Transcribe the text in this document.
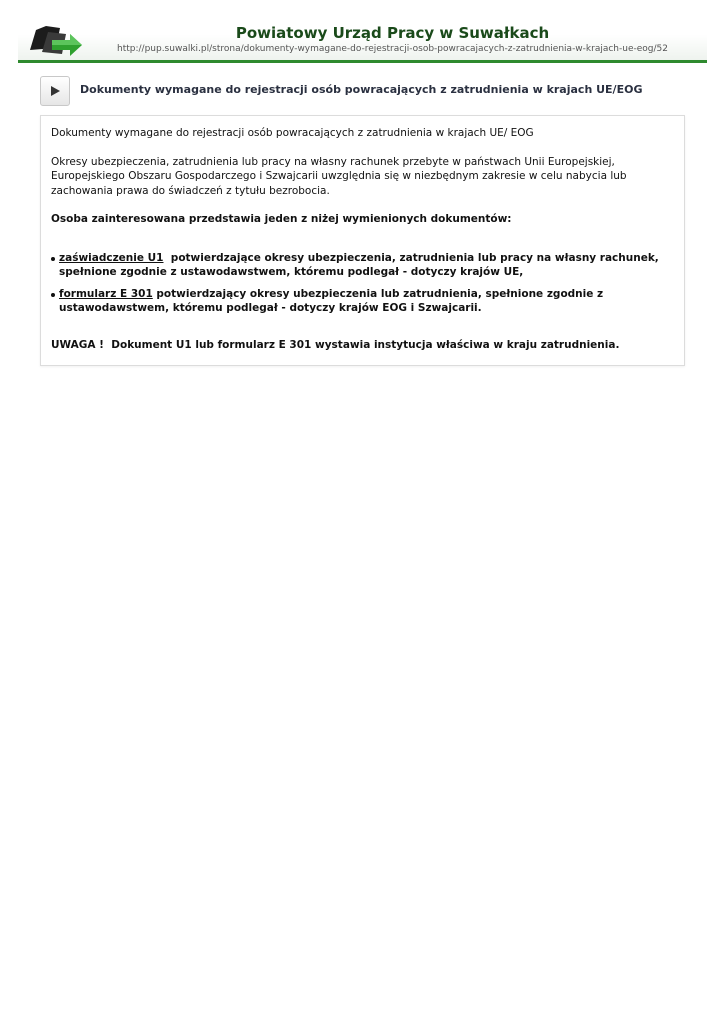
Powiatowy Urząd Pracy w Suwałkach
http://pup.suwalki.pl/strona/dokumenty-wymagane-do-rejestracji-osob-powracajacych-z-zatrudnienia-w-krajach-ue-eog/52
Dokumenty wymagane do rejestracji osób powracających z zatrudnienia w krajach UE/EOG

Dokumenty wymagane do rejestracji osób powracających z zatrudnienia w krajach UE/ EOG

Okresy ubezpieczenia, zatrudnienia lub pracy na własny rachunek przebyte w państwach Unii Europejskiej, Europejskiego Obszaru Gospodarczego i Szwajcarii uwzględnia się w niezbędnym zakresie w celu nabycia lub zachowania prawa do świadczeń z tytułu bezrobocia.

Osoba zainteresowana przedstawia jeden z niżej wymienionych dokumentów:

zaświadczenie U1  potwierdzające okresy ubezpieczenia, zatrudnienia lub pracy na własny rachunek, spełnione zgodnie z ustawodawstwem, któremu podlegał - dotyczy krajów UE,
formularz E 301 potwierdzający okresy ubezpieczenia lub zatrudnienia, spełnione zgodnie z ustawodawstwem, któremu podlegał - dotyczy krajów EOG i Szwajcarii.

UWAGA !  Dokument U1 lub formularz E 301 wystawia instytucja właściwa w kraju zatrudnienia.
